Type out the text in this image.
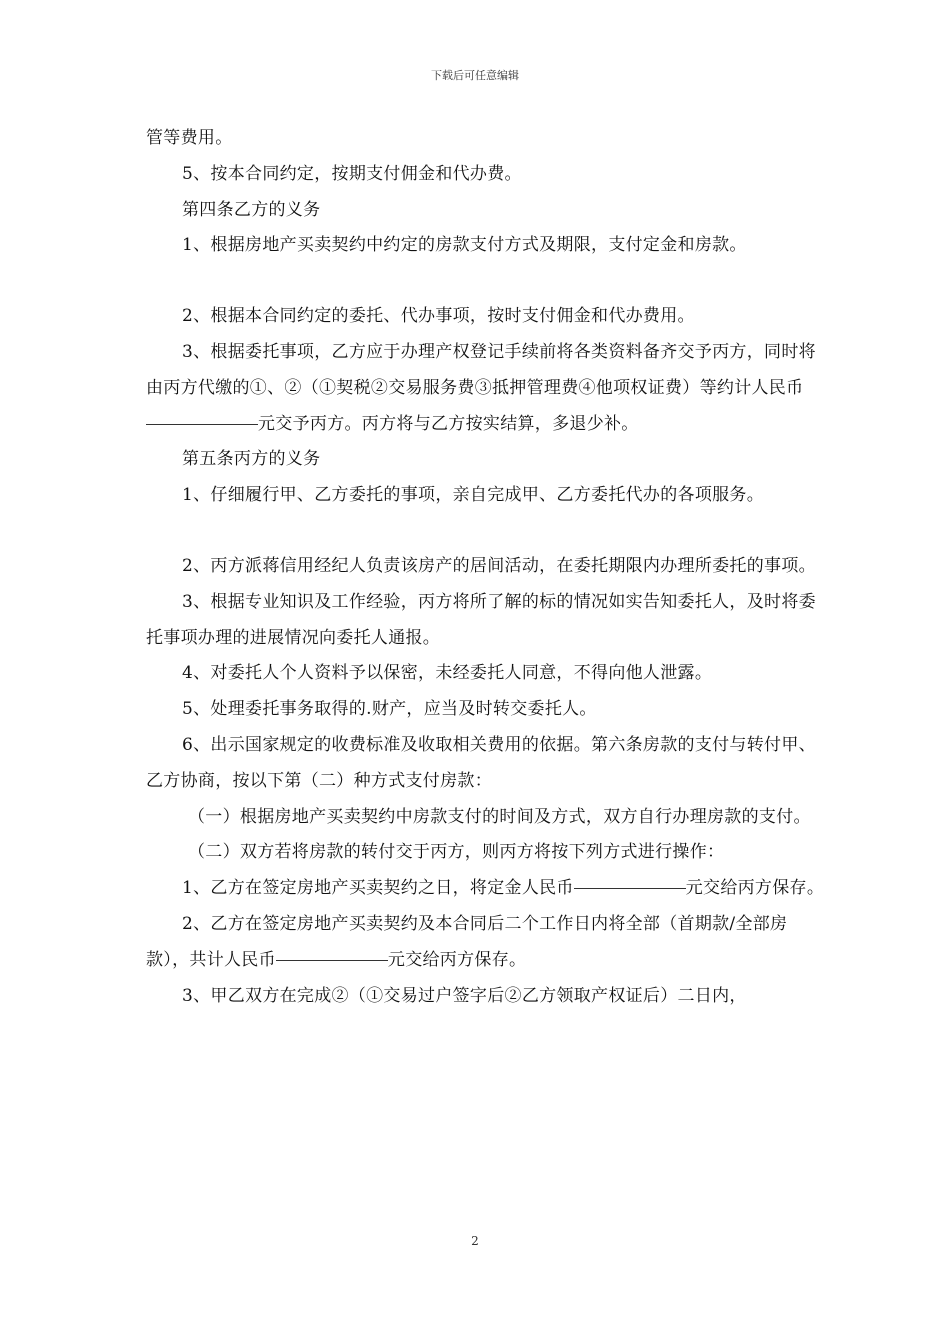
下载后可任意编辑

管等费用。

5、按本合同约定，按期支付佣金和代办费。

第四条乙方的义务

1、根据房地产买卖契约中约定的房款支付方式及期限，支付定金和房款。

2、根据本合同约定的委托、代办事项，按时支付佣金和代办费用。

3、根据委托事项，乙方应于办理产权登记手续前将各类资料备齐交予丙方，同时将由丙方代缴的①、②（①契税②交易服务费③抵押管理费④他项权证费）等约计人民币元交予丙方。丙方将与乙方按实结算，多退少补。

第五条丙方的义务

1、仔细履行甲、乙方委托的事项，亲自完成甲、乙方委托代办的各项服务。

2、丙方派蒋信用经纪人负责该房产的居间活动，在委托期限内办理所委托的事项。

3、根据专业知识及工作经验，丙方将所了解的标的情况如实告知委托人，及时将委托事项办理的进展情况向委托人通报。

4、对委托人个人资料予以保密，未经委托人同意，不得向他人泄露。

5、处理委托事务取得的.财产，应当及时转交委托人。

6、出示国家规定的收费标准及收取相关费用的依据。第六条房款的支付与转付甲、乙方协商，按以下第（二）种方式支付房款：

（一）根据房地产买卖契约中房款支付的时间及方式，双方自行办理房款的支付。

（二）双方若将房款的转付交于丙方，则丙方将按下列方式进行操作：

1、乙方在签定房地产买卖契约之日，将定金人民币	元交给丙方保存。

2、乙方在签定房地产买卖契约及本合同后二个工作日内将全部（首期款/全部房款），共计人民币	元交给丙方保存。

3、甲乙双方在完成②（①交易过户签字后②乙方领取产权证后）二日内，

2
